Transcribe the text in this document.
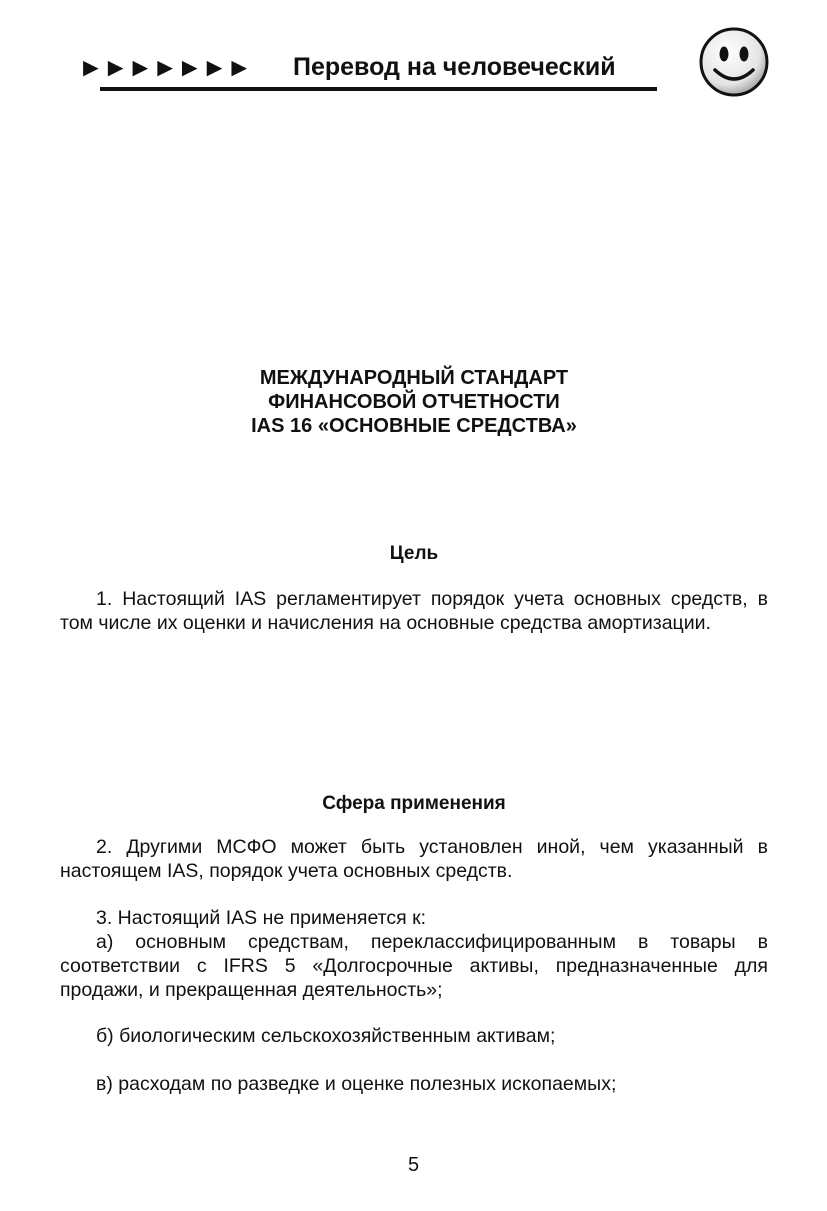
►►►►►►► Перевод на человеческий
МЕЖДУНАРОДНЫЙ СТАНДАРТ
ФИНАНСОВОЙ ОТЧЕТНОСТИ
IAS 16 «ОСНОВНЫЕ СРЕДСТВА»
Цель
1. Настоящий IAS регламентирует порядок учета основных средств, в том числе их оценки и начисления на основные средства амортизации.
Сфера применения
2. Другими МСФО может быть установлен иной, чем указанный в настоящем IAS, порядок учета основных средств.
3. Настоящий IAS не применяется к:
а) основным средствам, переклассифицированным в товары в соответствии с IFRS 5 «Долгосрочные активы, предназначенные для продажи, и прекращенная деятельность»;
б) биологическим сельскохозяйственным активам;
в) расходам по разведке и оценке полезных ископаемых;
5
